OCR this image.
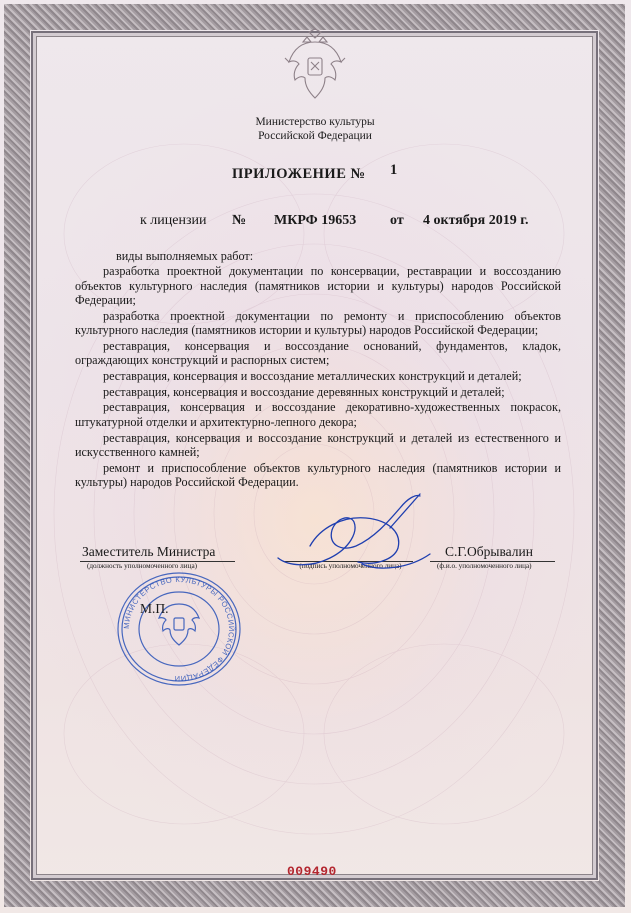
Министерство культуры
Российской Федерации
ПРИЛОЖЕНИЕ № 1
к лицензии № МКРФ 19653 от 4 октября 2019 г.
виды выполняемых работ:

разработка проектной документации по консервации, реставрации и воссозданию объектов культурного наследия (памятников истории и культуры) народов Российской Федерации;

разработка проектной документации по ремонту и приспособлению объектов культурного наследия (памятников истории и культуры) народов Российской Федерации;

реставрация, консервация и воссоздание оснований, фундаментов, кладок, ограждающих конструкций и распорных систем;

реставрация, консервация и воссоздание металлических конструкций и деталей;

реставрация, консервация и воссоздание деревянных конструкций и деталей;

реставрация, консервация и воссоздание декоративно-художественных покрасок, штукатурной отделки и архитектурно-лепного декора;

реставрация, консервация и воссоздание конструкций и деталей из естественного и искусственного камней;

ремонт и приспособление объектов культурного наследия (памятников истории и культуры) народов Российской Федерации.

Заместитель Министра
(должность уполномоченного лица)	(подпись уполномоченного лица)
С.Г.Обрывалин
(ф.и.о. уполномоченного лица)
МИНИСТЕРСТВО КУЛЬТУРЫ РОССИЙСКОЙ ФЕДЕРАЦИИ
М.П.
009490
